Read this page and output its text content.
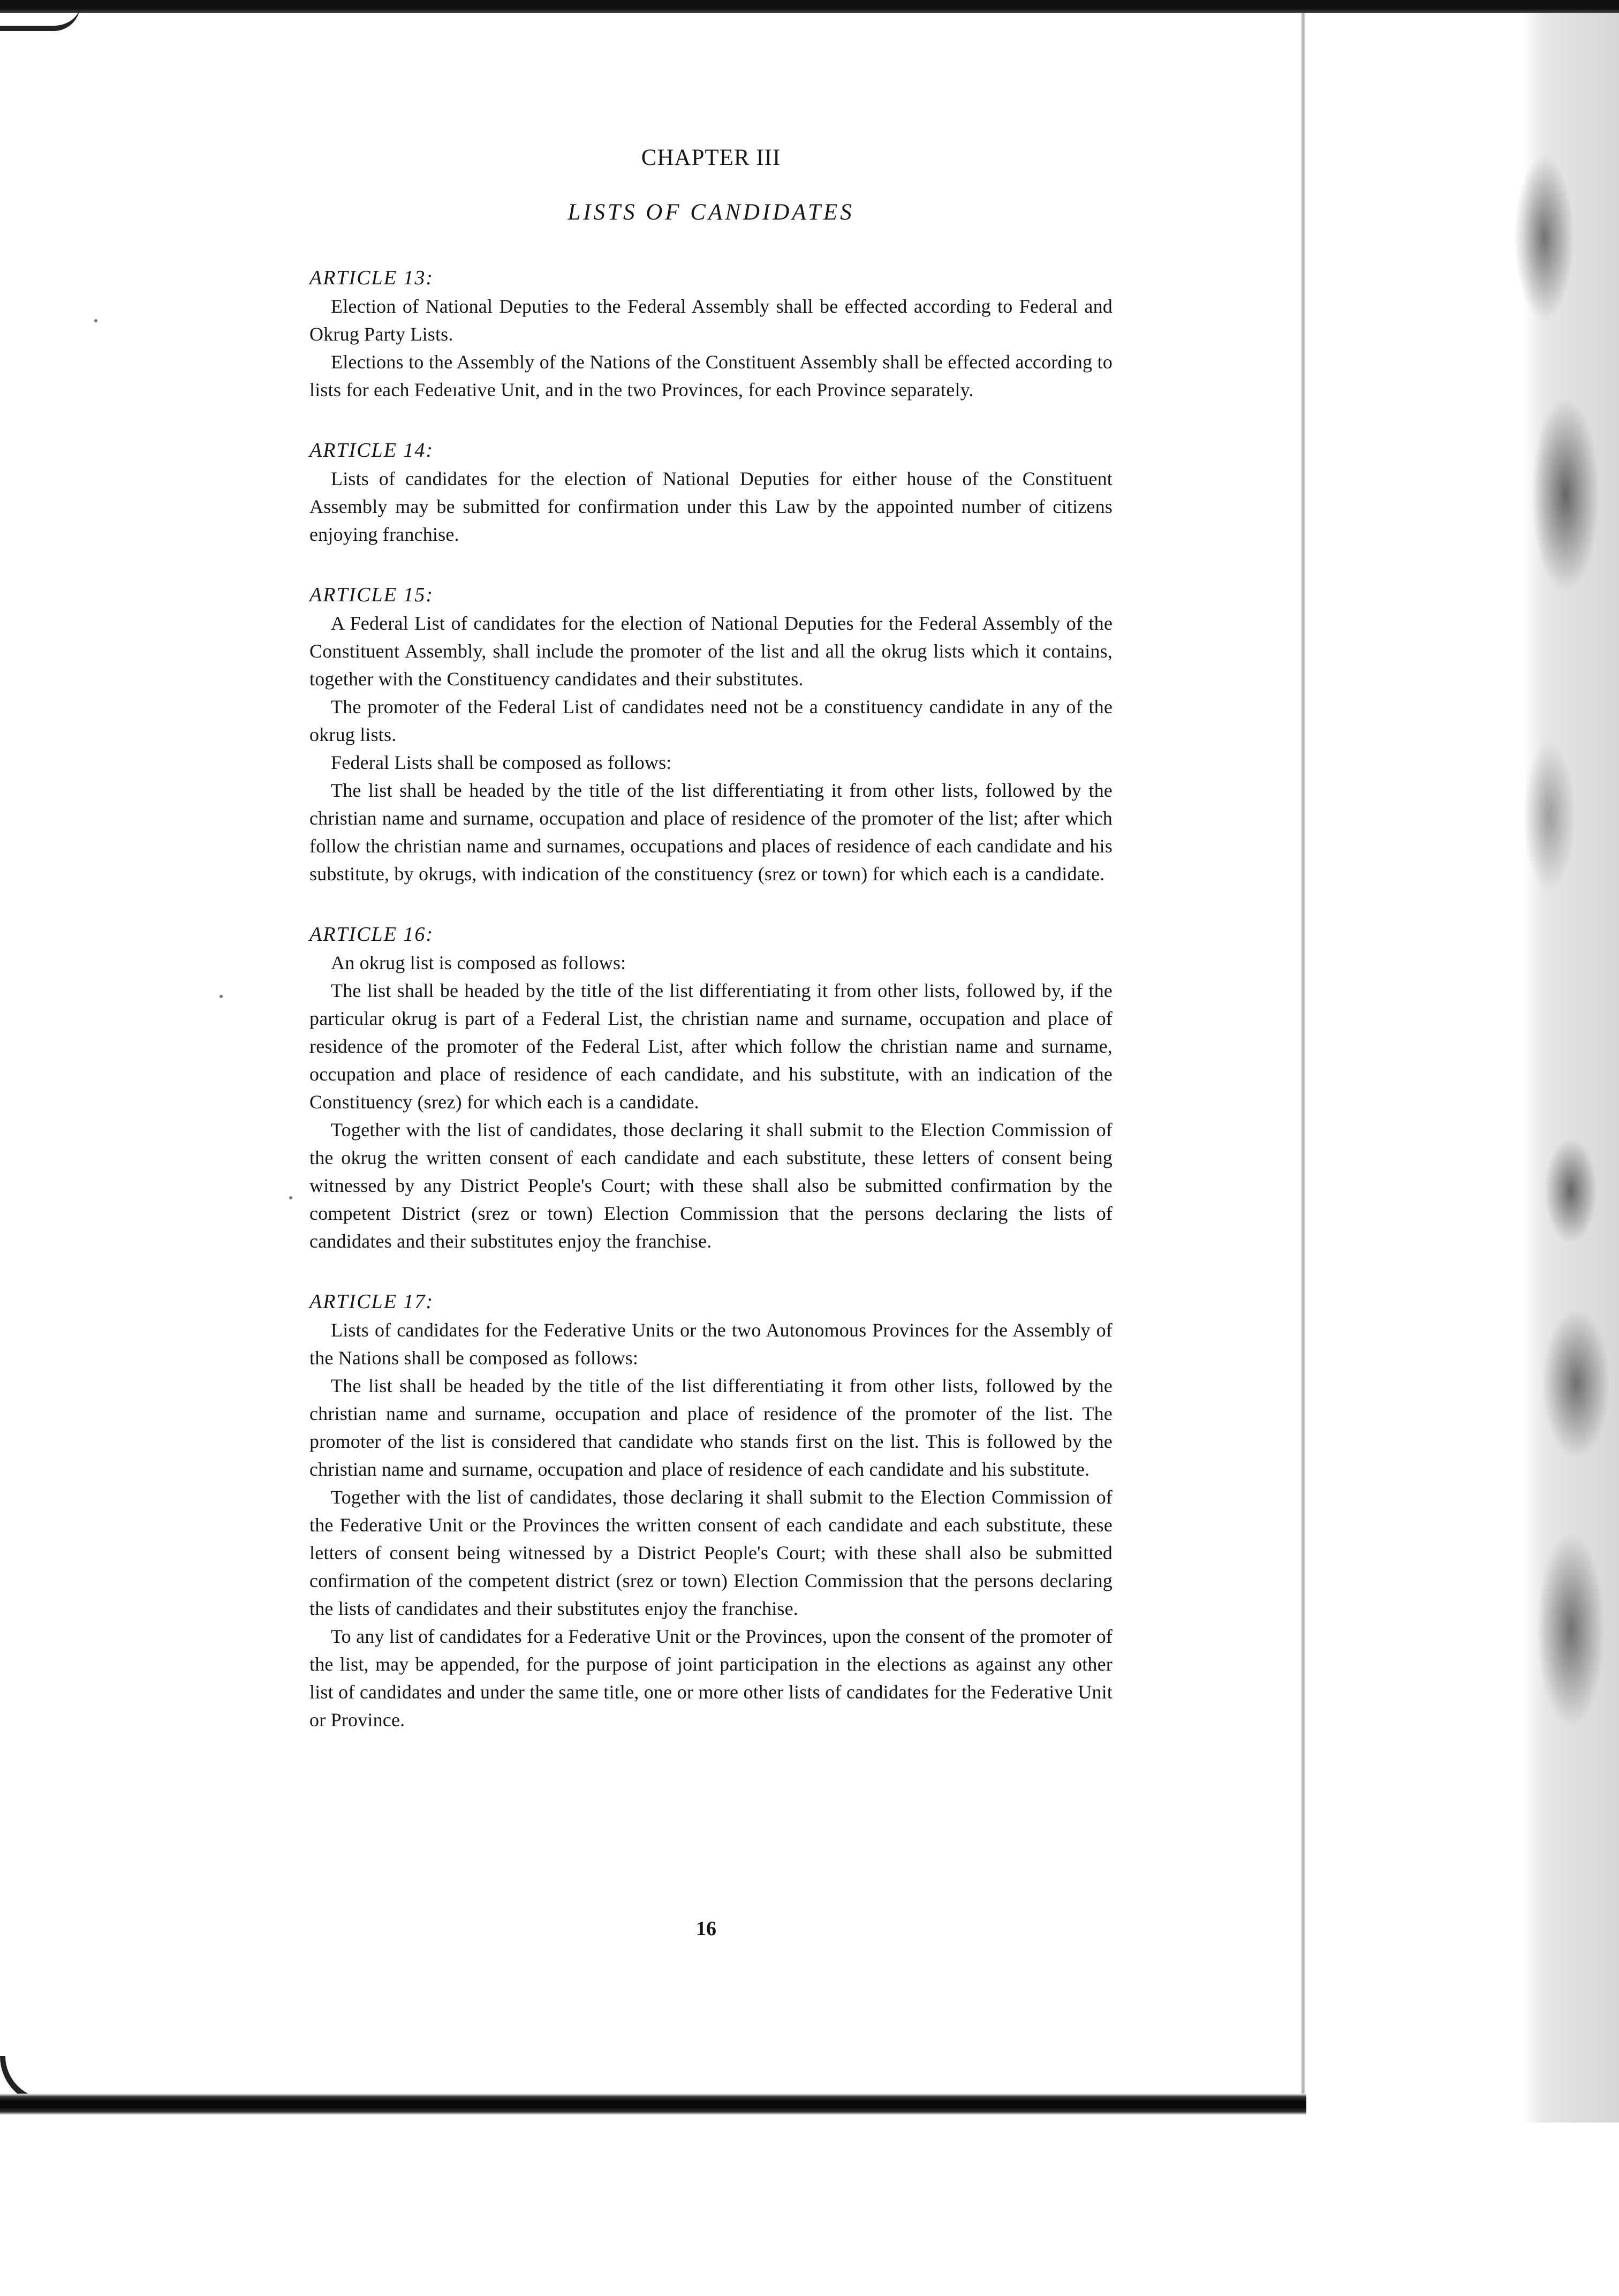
CHAPTER III
LISTS OF CANDIDATES

ARTICLE 13:

Election of National Deputies to the Federal Assembly shall be effected according to Federal and Okrug Party Lists.

Elections to the Assembly of the Nations of the Constituent Assembly shall be effected according to lists for each Fedeıative Unit, and in the two Provinces, for each Province separately.

ARTICLE 14:

Lists of candidates for the election of National Deputies for either house of the Constituent Assembly may be submitted for confirmation under this Law by the appointed number of citizens enjoying franchise.

ARTICLE 15:

A Federal List of candidates for the election of National Deputies for the Federal Assembly of the Constituent Assembly, shall include the promoter of the list and all the okrug lists which it contains, together with the Constituency candidates and their substitutes.

The promoter of the Federal List of candidates need not be a constituency candidate in any of the okrug lists.

Federal Lists shall be composed as follows:

The list shall be headed by the title of the list differentiating it from other lists, followed by the christian name and surname, occupation and place of residence of the promoter of the list; after which follow the christian name and surnames, occupations and places of residence of each candidate and his substitute, by okrugs, with indication of the constituency (srez or town) for which each is a candidate.

ARTICLE 16:

An okrug list is composed as follows:

The list shall be headed by the title of the list differentiating it from other lists, followed by, if the particular okrug is part of a Federal List, the christian name and surname, occupation and place of residence of the promoter of the Federal List, after which follow the christian name and surname, occupation and place of residence of each candidate, and his substitute, with an indication of the Constituency (srez) for which each is a candidate.

Together with the list of candidates, those declaring it shall submit to the Election Commission of the okrug the written consent of each candidate and each substitute, these letters of consent being witnessed by any District People's Court; with these shall also be submitted confirmation by the competent District (srez or town) Election Commission that the persons declaring the lists of candidates and their substitutes enjoy the franchise.

ARTICLE 17:

Lists of candidates for the Federative Units or the two Autonomous Provinces for the Assembly of the Nations shall be composed as follows:

The list shall be headed by the title of the list differentiating it from other lists, followed by the christian name and surname, occupation and place of residence of the promoter of the list. The promoter of the list is considered that candidate who stands first on the list. This is followed by the christian name and surname, occupation and place of residence of each candidate and his substitute.

Together with the list of candidates, those declaring it shall submit to the Election Commission of the Federative Unit or the Provinces the written consent of each candidate and each substitute, these letters of consent being witnessed by a District People's Court; with these shall also be submitted confirmation of the competent district (srez or town) Election Commission that the persons declaring the lists of candidates and their substitutes enjoy the franchise.

To any list of candidates for a Federative Unit or the Provinces, upon the consent of the promoter of the list, may be appended, for the purpose of joint participation in the elections as against any other list of candidates and under the same title, one or more other lists of candidates for the Federative Unit or Province.

16
